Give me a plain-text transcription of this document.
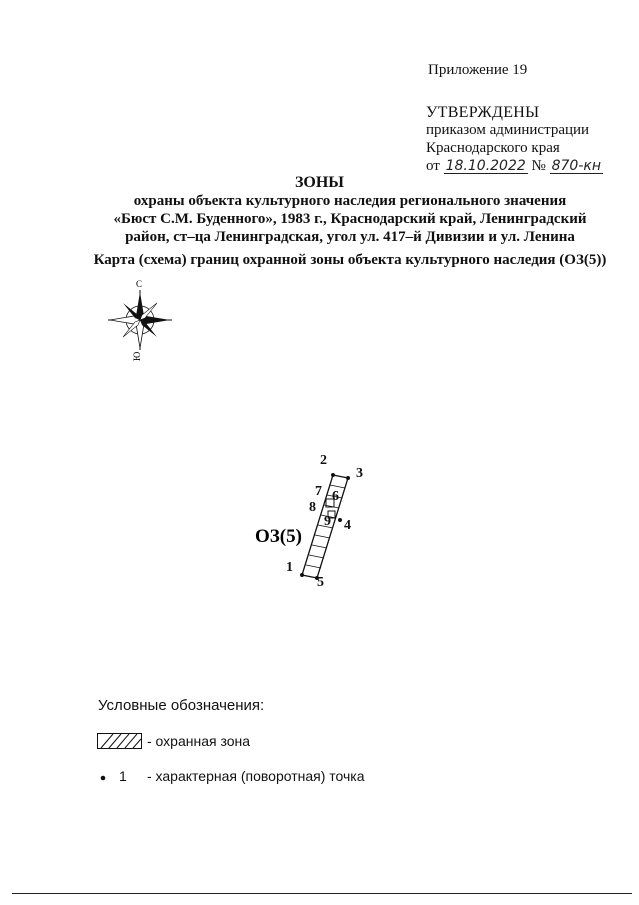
Приложение 19
УТВЕРЖДЕНЫ
приказом администрации
Краснодарского края
от 18.10.2022 № 870-кн
ЗОНЫ
охраны объекта культурного наследия регионального значения
«Бюст С.М. Буденного», 1983 г., Краснодарский край, Ленинградский
район, ст–ца Ленинградская, угол ул. 417–й Дивизии и ул. Ленина
Карта (схема) границ охранной зоны объекта культурного наследия (ОЗ(5))
С
Ю
1
2
3
4
5
6
7
8
9
ОЗ(5)
Условные обозначения:
- охранная зона
1 - характерная (поворотная) точка
